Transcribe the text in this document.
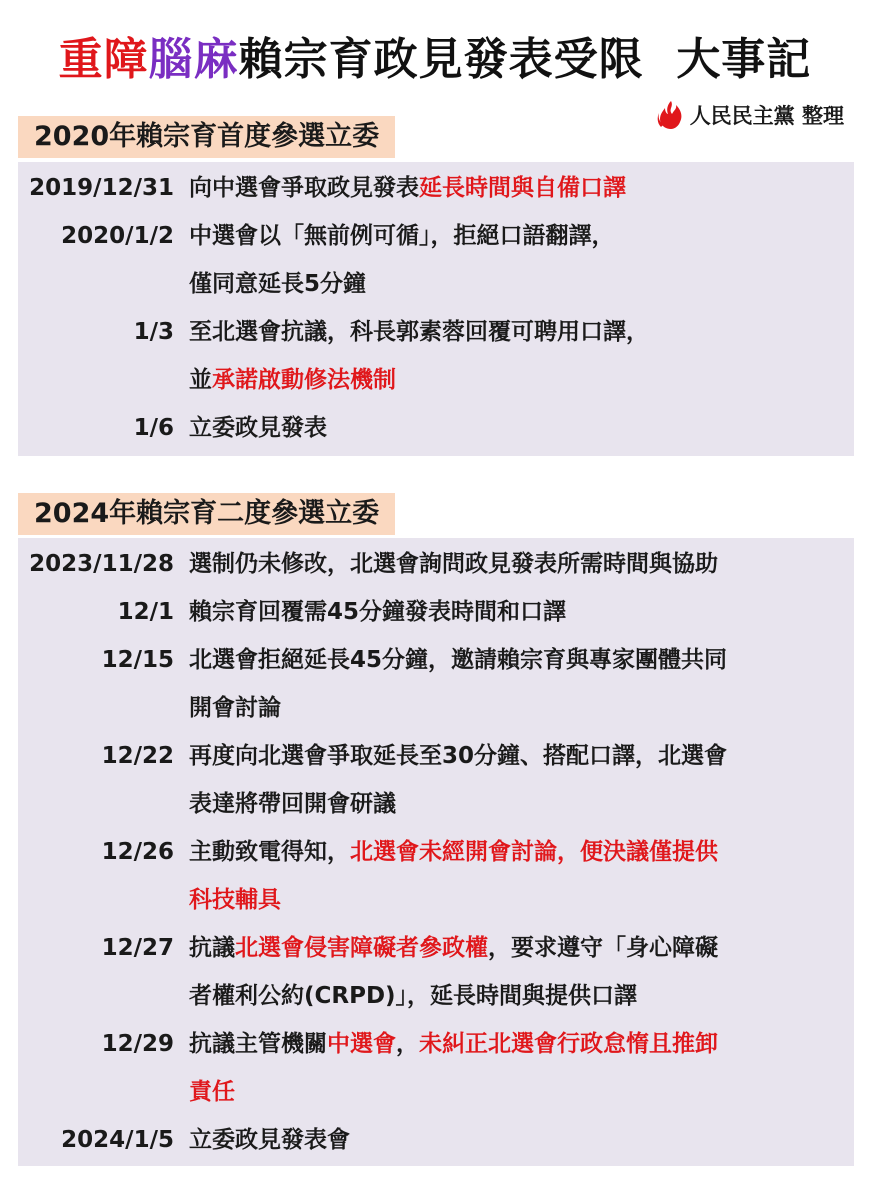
重障腦麻賴宗育政見發表受限 大事記
人民民主黨 整理
2020年賴宗育首度參選立委
2019/12/31 向中選會爭取政見發表延長時間與自備口譯
2020/1/2 中選會以「無前例可循」，拒絕口語翻譯，
僅同意延長5分鐘
1/3 至北選會抗議，科長郭素蓉回覆可聘用口譯，
並承諾啟動修法機制
1/6 立委政見發表
2024年賴宗育二度參選立委
2023/11/28 選制仍未修改，北選會詢問政見發表所需時間與協助
12/1 賴宗育回覆需45分鐘發表時間和口譯
12/15 北選會拒絕延長45分鐘，邀請賴宗育與專家團體共同
開會討論
12/22 再度向北選會爭取延長至30分鐘、搭配口譯，北選會
表達將帶回開會研議
12/26 主動致電得知，北選會未經開會討論，便決議僅提供
科技輔具
12/27 抗議北選會侵害障礙者參政權，要求遵守「身心障礙
者權利公約(CRPD)」，延長時間與提供口譯
12/29 抗議主管機關中選會，未糾正北選會行政怠惰且推卸
責任
2024/1/5 立委政見發表會
